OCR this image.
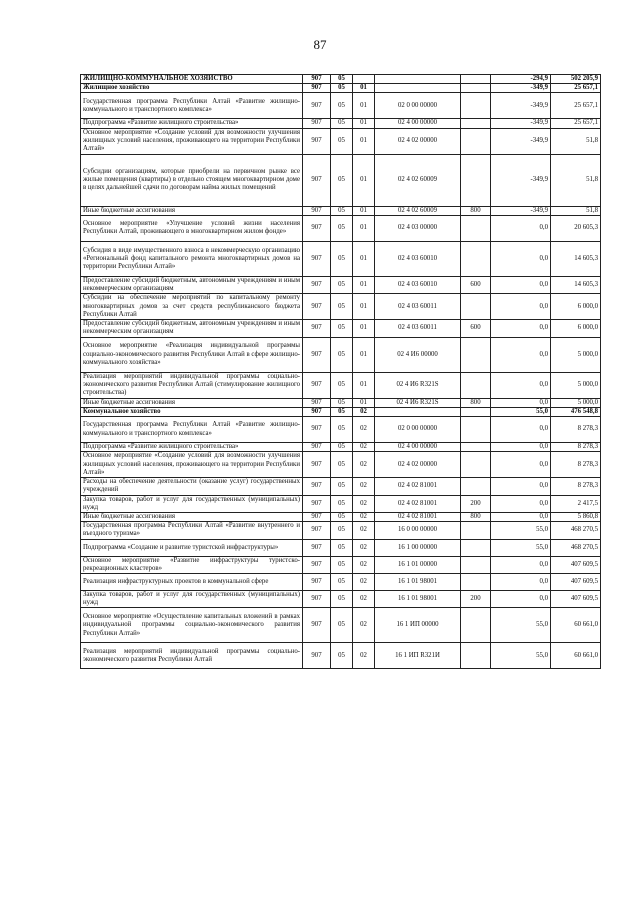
87
ЖИЛИЩНО-КОММУНАЛЬНОЕ ХОЗЯЙСТВО	907	05				-294,9	502 205,9
Жилищное хозяйство	907	05	01			-349,9	25 657,1
Государственная программа Республики Алтай «Развитие жилищно-коммунального и транспортного комплекса»	907	05	01	02 0 00 00000		-349,9	25 657,1
Подпрограмма «Развитие жилищного строительства»	907	05	01	02 4 00 00000		-349,9	25 657,1
Основное мероприятие «Создание условий для возможности улучшения жилищных условий населения, проживающего на территории Республики Алтай»	907	05	01	02 4 02 00000		-349,9	51,8
Субсидии организациям, которые приобрели на первичном рынке все жилые помещения (квартиры) в отдельно стоящем многоквартирном доме в целях дальнейшей сдачи по договорам найма жилых помещений	907	05	01	02 4 02 60009		-349,9	51,8
Иные бюджетные ассигнования	907	05	01	02 4 02 60009	800	-349,9	51,8
Основное мероприятие «Улучшение условий жизни населения Республики Алтай, проживающего в многоквартирном жилом фонде»	907	05	01	02 4 03 00000		0,0	20 605,3
Субсидия в виде имущественного взноса в некоммерческую организацию «Региональный фонд капитального ремонта многоквартирных домов на территории Республики Алтай»	907	05	01	02 4 03 60010		0,0	14 605,3
Предоставление субсидий бюджетным, автономным учреждениям и иным некоммерческим организациям	907	05	01	02 4 03 60010	600	0,0	14 605,3
Субсидии на обеспечение мероприятий по капитальному ремонту многоквартирных домов за счет средств республиканского бюджета Республики Алтай	907	05	01	02 4 03 60011		0,0	6 000,0
Предоставление субсидий бюджетным, автономным учреждениям и иным некоммерческим организациям	907	05	01	02 4 03 60011	600	0,0	6 000,0
Основное мероприятие «Реализация индивидуальной программы социально-экономического развития Республики Алтай в сфере жилищно-коммунального хозяйства»	907	05	01	02 4 И6 00000		0,0	5 000,0
Реализация мероприятий индивидуальной программы социально-экономического развития Республики Алтай (стимулирование жилищного строительства)	907	05	01	02 4 И6 R321S		0,0	5 000,0
Иные бюджетные ассигнования	907	05	01	02 4 И6 R321S	800	0,0	5 000,0
Коммунальное хозяйство	907	05	02			55,0	476 548,8
Государственная программа Республики Алтай «Развитие жилищно-коммунального и транспортного комплекса»	907	05	02	02 0 00 00000		0,0	8 278,3
Подпрограмма «Развитие жилищного строительства»	907	05	02	02 4 00 00000		0,0	8 278,3
Основное мероприятие «Создание условий для возможности улучшения жилищных условий населения, проживающего на территории Республики Алтай»	907	05	02	02 4 02 00000		0,0	8 278,3
Расходы на обеспечение деятельности (оказание услуг) государственных учреждений	907	05	02	02 4 02 81001		0,0	8 278,3
Закупка товаров, работ и услуг для государственных (муниципальных) нужд	907	05	02	02 4 02 81001	200	0,0	2 417,5
Иные бюджетные ассигнования	907	05	02	02 4 02 81001	800	0,0	5 860,8
Государственная программа Республики Алтай «Развитие внутреннего и въездного туризма»	907	05	02	16 0 00 00000		55,0	468 270,5
Подпрограмма «Создание и развитие туристской инфраструктуры»	907	05	02	16 1 00 00000		55,0	468 270,5
Основное мероприятие «Развитие инфраструктуры туристско-рекреационных кластеров»	907	05	02	16 1 01 00000		0,0	407 609,5
Реализация инфраструктурных проектов в коммунальной сфере	907	05	02	16 1 01 98001		0,0	407 609,5
Закупка товаров, работ и услуг для государственных (муниципальных) нужд	907	05	02	16 1 01 98001	200	0,0	407 609,5
Основное мероприятие «Осуществление капитальных вложений в рамках индивидуальной программы социально-экономического развития Республики Алтай»	907	05	02	16 1 ИП 00000		55,0	60 661,0
Реализация мероприятий индивидуальной программы социально-экономического развития Республики Алтай	907	05	02	16 1 ИП R321И		55,0	60 661,0
